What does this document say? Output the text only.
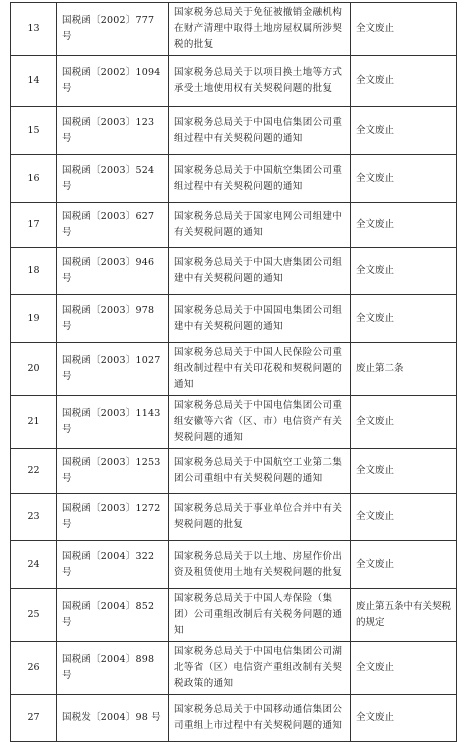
13	国税函〔2002〕777 号	国家税务总局关于免征被撤销金融机构在财产清理中取得土地房屋权属所涉契税的批复	全文废止
14	国税函〔2002〕1094号	国家税务总局关于以项目换土地等方式承受土地使用权有关契税问题的批复	全文废止
15	国税函〔2003〕123 号	国家税务总局关于中国电信集团公司重组过程中有关契税问题的通知	全文废止
16	国税函〔2003〕524 号	国家税务总局关于中国航空集团公司重组过程中有关契税问题的通知	全文废止
17	国税函〔2003〕627 号	国家税务总局关于国家电网公司组建中有关契税问题的通知	全文废止
18	国税函〔2003〕946 号	国家税务总局关于中国大唐集团公司组建中有关契税问题的通知	全文废止
19	国税函〔2003〕978 号	国家税务总局关于中国国电集团公司组建中有关契税问题的通知	全文废止
20	国税函〔2003〕1027号	国家税务总局关于中国人民保险公司重组改制过程中有关印花税和契税问题的通知	废止第二条
21	国税函〔2003〕1143号	国家税务总局关于中国电信集团公司重组安徽等六省（区、市）电信资产有关契税问题的通知	全文废止
22	国税函〔2003〕1253号	国家税务总局关于中国航空工业第二集团公司重组中有关契税问题的通知	全文废止
23	国税函〔2003〕1272号	国家税务总局关于事业单位合并中有关契税问题的批复	全文废止
24	国税函〔2004〕322 号	国家税务总局关于以土地、房屋作价出资及租赁使用土地有关契税问题的批复	全文废止
25	国税函〔2004〕852 号	国家税务总局关于中国人寿保险（集团）公司重组改制后有关税务问题的通知	废止第五条中有关契税的规定
26	国税函〔2004〕898 号	国家税务总局关于中国电信集团公司湖北等省（区）电信资产重组改制有关契税政策的通知	全文废止
27	国税发〔2004〕98 号	国家税务总局关于中国移动通信集团公司重组上市过程中有关契税问题的通知	全文废止
